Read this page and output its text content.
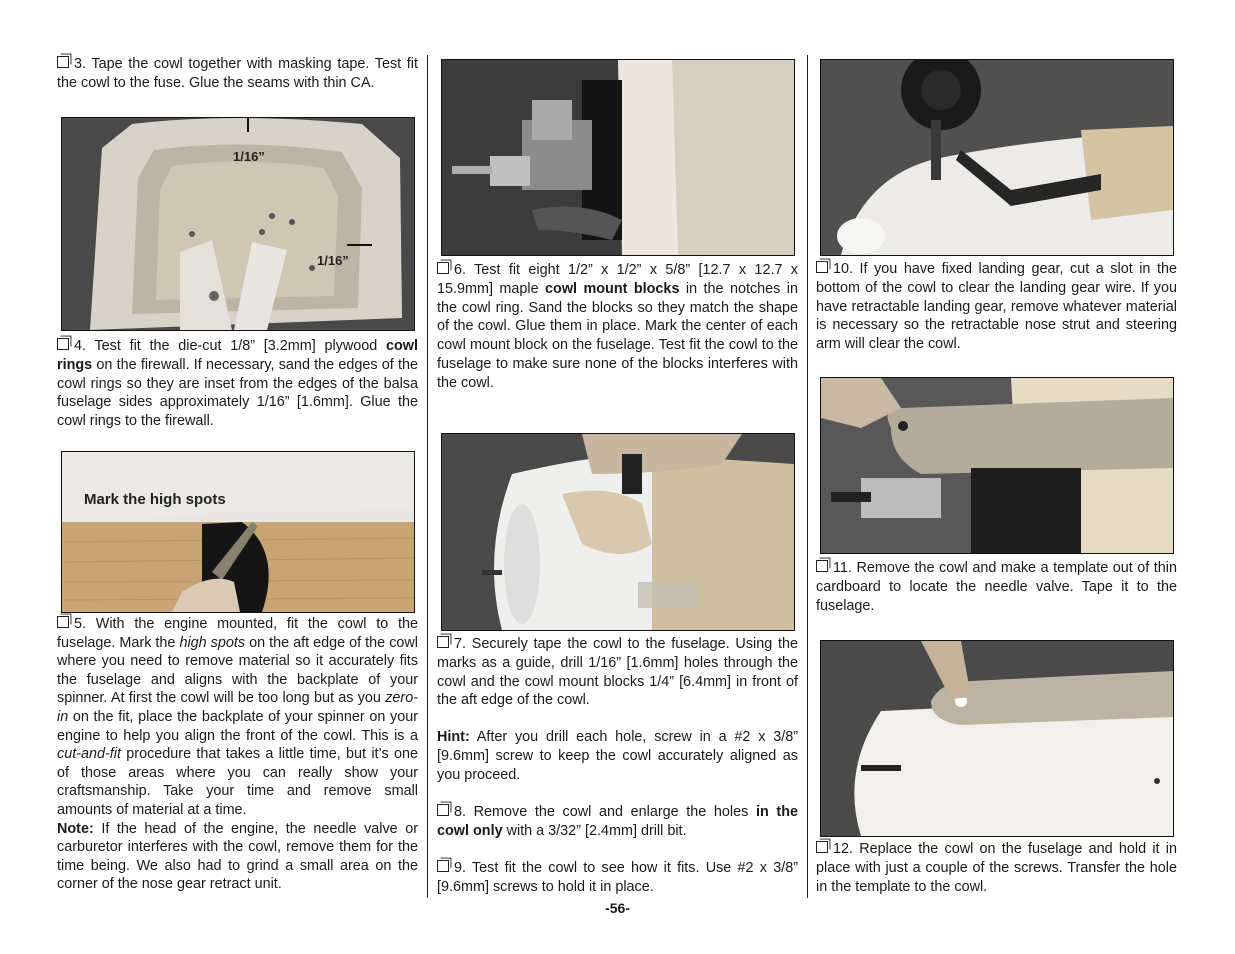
3. Tape the cowl together with masking tape. Test fit the cowl to the fuse. Glue the seams with thin CA.

1/16”
1/16”

4. Test fit the die-cut 1/8” [3.2mm] plywood cowl rings on the firewall. If necessary, sand the edges of the cowl rings so they are inset from the edges of the balsa fuselage sides approximately 1/16” [1.6mm]. Glue the cowl rings to the firewall.

Mark the high spots

5. With the engine mounted, fit the cowl to the fuselage. Mark the high spots on the aft edge of the cowl where you need to remove material so it accurately fits the fuselage and aligns with the backplate of your spinner. At first the cowl will be too long but as you zero-in on the fit, place the backplate of your spinner on your engine to help you align the front of the cowl. This is a cut-and-fit procedure that takes a little time, but it’s one of those areas where you can really show your craftsmanship. Take your time and remove small amounts of material at a time.
Note: If the head of the engine, the needle valve or carburetor interferes with the cowl, remove them for the time being. We also had to grind a small area on the corner of the nose gear retract unit.

6. Test fit eight 1/2” x 1/2” x 5/8” [12.7 x 12.7 x 15.9mm] maple cowl mount blocks in the notches in the cowl ring. Sand the blocks so they match the shape of the cowl. Glue them in place. Mark the center of each cowl mount block on the fuselage. Test fit the cowl to the fuselage to make sure none of the blocks interferes with the cowl.

7. Securely tape the cowl to the fuselage. Using the marks as a guide, drill 1/16” [1.6mm] holes through the cowl and the cowl mount blocks 1/4” [6.4mm] in front of the aft edge of the cowl.

Hint: After you drill each hole, screw in a #2 x 3/8” [9.6mm] screw to keep the cowl accurately aligned as you proceed.

8. Remove the cowl and enlarge the holes in the cowl only with a 3/32” [2.4mm] drill bit.

9. Test fit the cowl to see how it fits. Use #2 x 3/8” [9.6mm] screws to hold it in place.

10. If you have fixed landing gear, cut a slot in the bottom of the cowl to clear the landing gear wire. If you have retractable landing gear, remove whatever material is necessary so the retractable nose strut and steering arm will clear the cowl.

11. Remove the cowl and make a template out of thin cardboard to locate the needle valve. Tape it to the fuselage.

12. Replace the cowl on the fuselage and hold it in place with just a couple of the screws. Transfer the hole in the template to the cowl.

-56-
